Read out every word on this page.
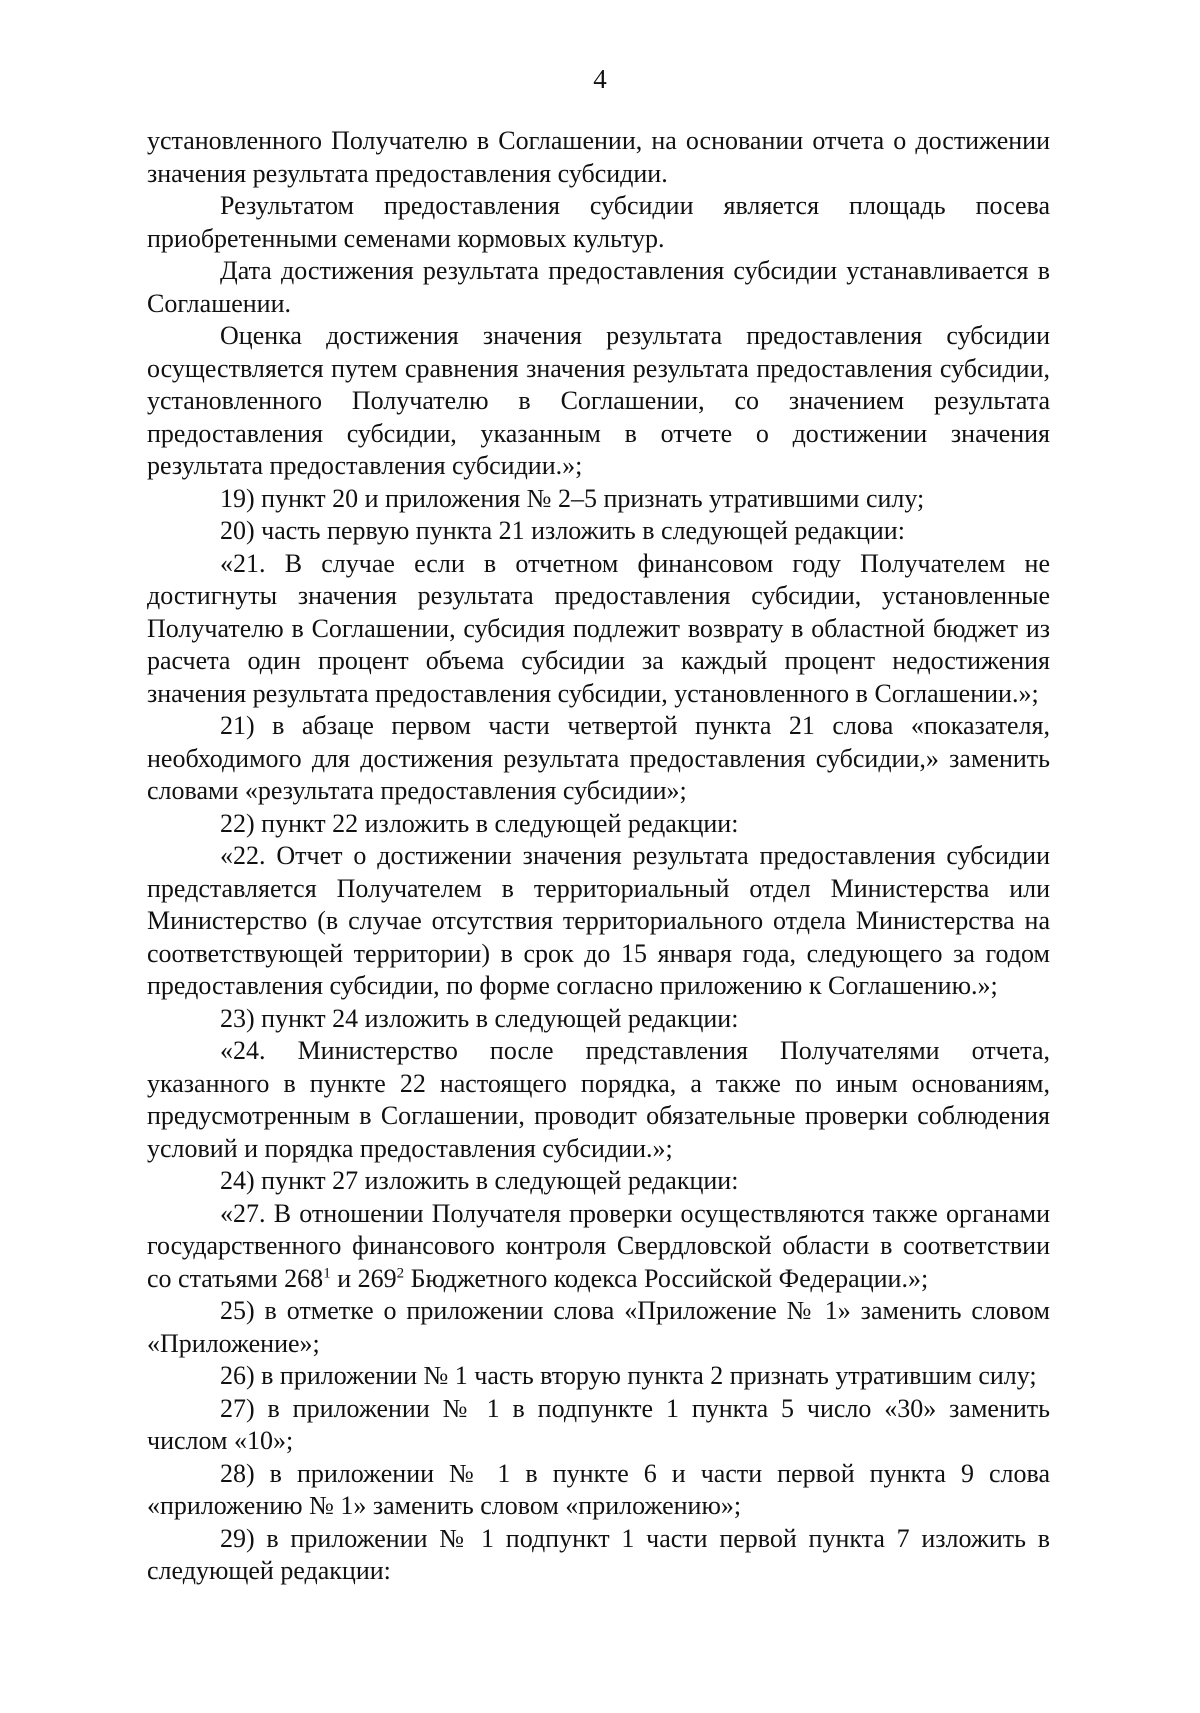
4

установленного Получателю в Соглашении, на основании отчета о достижении значения результата предоставления субсидии.

Результатом предоставления субсидии является площадь посева приобретенными семенами кормовых культур.

Дата достижения результата предоставления субсидии устанавливается в Соглашении.

Оценка достижения значения результата предоставления субсидии осуществляется путем сравнения значения результата предоставления субсидии, установленного Получателю в Соглашении, со значением результата предоставления субсидии, указанным в отчете о достижении значения результата предоставления субсидии.»;

19) пункт 20 и приложения № 2–5 признать утратившими силу;

20) часть первую пункта 21 изложить в следующей редакции:

«21. В случае если в отчетном финансовом году Получателем не достигнуты значения результата предоставления субсидии, установленные Получателю в Соглашении, субсидия подлежит возврату в областной бюджет из расчета один процент объема субсидии за каждый процент недостижения значения результата предоставления субсидии, установленного в Соглашении.»;

21) в абзаце первом части четвертой пункта 21 слова «показателя, необходимого для достижения результата предоставления субсидии,» заменить словами «результата предоставления субсидии»;

22) пункт 22 изложить в следующей редакции:

«22. Отчет о достижении значения результата предоставления субсидии представляется Получателем в территориальный отдел Министерства или Министерство (в случае отсутствия территориального отдела Министерства на соответствующей территории) в срок до 15 января года, следующего за годом предоставления субсидии, по форме согласно приложению к Соглашению.»;

23) пункт 24 изложить в следующей редакции:

«24. Министерство после представления Получателями отчета, указанного в пункте 22 настоящего порядка, а также по иным основаниям, предусмотренным в Соглашении, проводит обязательные проверки соблюдения условий и порядка предоставления субсидии.»;

24) пункт 27 изложить в следующей редакции:

«27. В отношении Получателя проверки осуществляются также органами государственного финансового контроля Свердловской области в соответствии со статьями $268^1$ и $269^2$ Бюджетного кодекса Российской Федерации.»;

25) в отметке о приложении слова «Приложение № 1» заменить словом «Приложение»;

26) в приложении № 1 часть вторую пункта 2 признать утратившим силу;

27) в приложении № 1 в подпункте 1 пункта 5 число «30» заменить числом «10»;

28) в приложении № 1 в пункте 6 и части первой пункта 9 слова «приложению № 1» заменить словом «приложению»;

29) в приложении № 1 подпункт 1 части первой пункта 7 изложить в следующей редакции:
